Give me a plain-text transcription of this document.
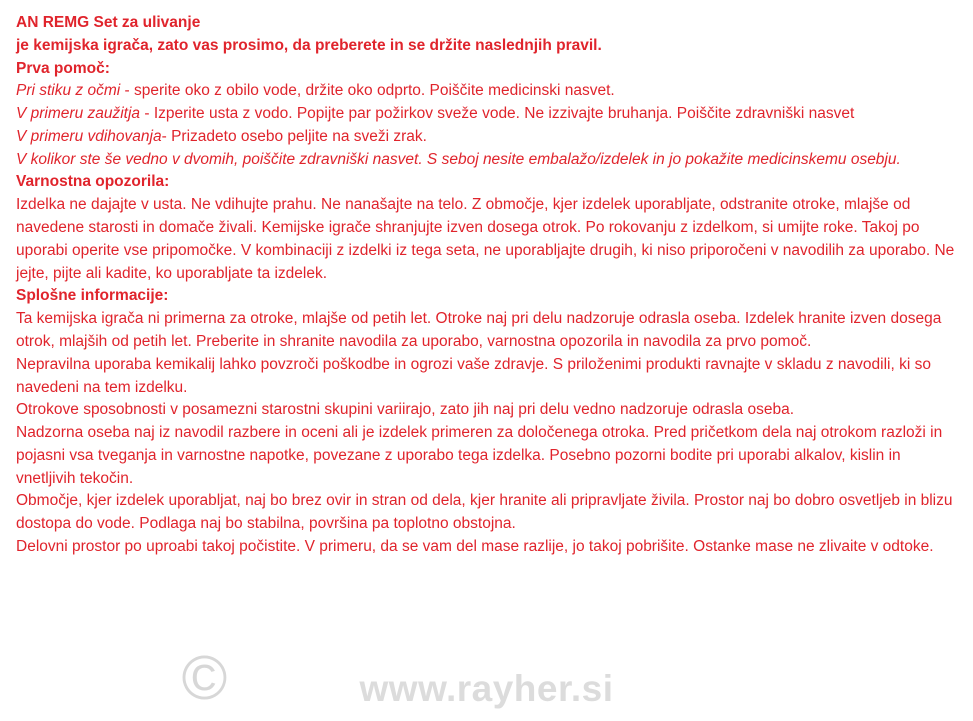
AN REMG Set za ulivanje
je kemijska igrača, zato vas prosimo, da preberete in se držite naslednjih pravil.
Prva pomoč:
Pri stiku z očmi - sperite oko z obilo vode, držite oko odprto. Poiščite medicinski nasvet.
V primeru zaužitja - Izperite usta z vodo. Popijte par požirkov sveže vode. Ne izzivajte bruhanja. Poiščite zdravniški nasvet
V primeru vdihovanja- Prizadeto osebo peljite na sveži zrak.
V kolikor ste še vedno v dvomih, poiščite zdravniški nasvet. S seboj nesite embalažo/izdelek in jo pokažite medicinskemu osebju.
Varnostna opozorila:
Izdelka ne dajajte v usta. Ne vdihujte prahu. Ne nanašajte na telo. Z območje, kjer izdelek uporabljate, odstranite otroke, mlajše od navedene starosti in domače živali. Kemijske igrače shranjujte izven dosega otrok. Po rokovanju z izdelkom, si umijte roke. Takoj po uporabi operite vse pripomočke. V kombinaciji z izdelki iz tega seta, ne uporabljajte drugih, ki niso priporočeni v navodilih za uporabo. Ne jejte, pijte ali kadite, ko uporabljate ta izdelek.
Splošne informacije:
Ta kemijska igrača ni primerna za otroke, mlajše od petih let. Otroke naj pri delu nadzoruje odrasla oseba. Izdelek hranite izven dosega otrok, mlajših od petih let. Preberite in shranite navodila za uporabo, varnostna opozorila in navodila za prvo pomoč.
Nepravilna uporaba kemikalij lahko povzroči poškodbe in ogrozi vaše zdravje. S priloženimi produkti ravnajte v skladu z navodili, ki so navedeni na tem izdelku.
Otrokove sposobnosti v posamezni starostni skupini variirajo, zato jih naj pri delu vedno nadzoruje odrasla oseba.
Nadzorna oseba naj iz navodil razbere in oceni ali je izdelek primeren za določenega otroka. Pred pričetkom dela naj otrokom razloži in pojasni vsa tveganja in varnostne napotke, povezane z uporabo tega izdelka. Posebno pozorni bodite pri uporabi alkalov, kislin in vnetljivih tekočin.
Območje, kjer izdelek uporabljat, naj bo brez ovir in stran od dela, kjer hranite ali pripravljate živila. Prostor naj bo dobro osvetljeb in blizu dostopa do vode. Podlaga naj bo stabilna, površina pa toplotno obstojna.
Delovni prostor po uproabi takoj počistite. V primeru, da se vam del mase razlije, jo takoj pobrišite. Ostanke mase ne zlivaite v odtoke.
©	www.rayher.si
